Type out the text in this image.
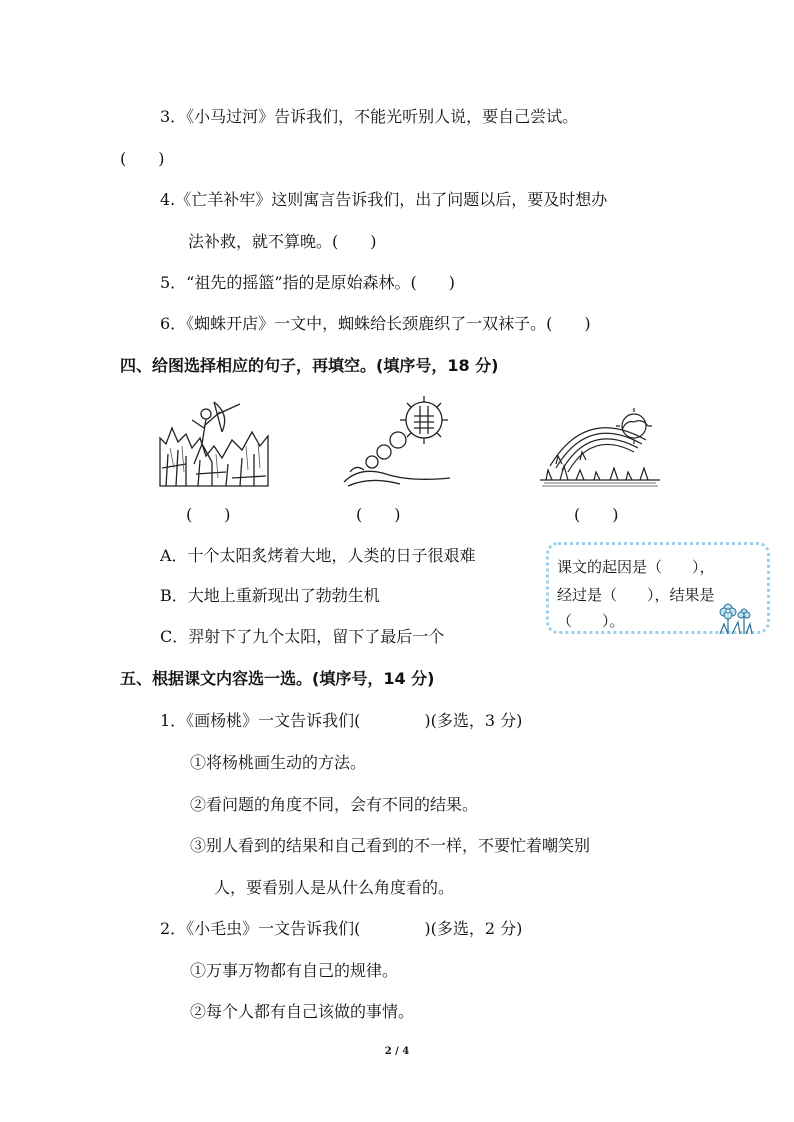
3．《小马过河》告诉我们，不能光听别人说，要自己尝试。
(　　)
4.《亡羊补牢》这则寓言告诉我们，出了问题以后，要及时想办
法补救，就不算晚。(　　)
5．“祖先的摇篮”指的是原始森林。(　　)
6．《蜘蛛开店》一文中，蜘蛛给长颈鹿织了一双袜子。(　　)
四、给图选择相应的句子，再填空。(填序号，18 分)
(　　)	(　　)	(　　)
A．十个太阳炙烤着大地，人类的日子很艰难
B．大地上重新现出了勃勃生机
C．羿射下了九个太阳，留下了最后一个
课文的起因是（　　），
经过是（　　），结果是
（　　）。
五、根据课文内容选一选。(填序号，14 分)
1．《画杨桃》一文告诉我们(　　　　)(多选，3 分)
①将杨桃画生动的方法。
②看问题的角度不同，会有不同的结果。
③别人看到的结果和自己看到的不一样，不要忙着嘲笑别
人，要看别人是从什么角度看的。
2．《小毛虫》一文告诉我们(　　　　)(多选，2 分)
①万事万物都有自己的规律。
②每个人都有自己该做的事情。
2 / 4
